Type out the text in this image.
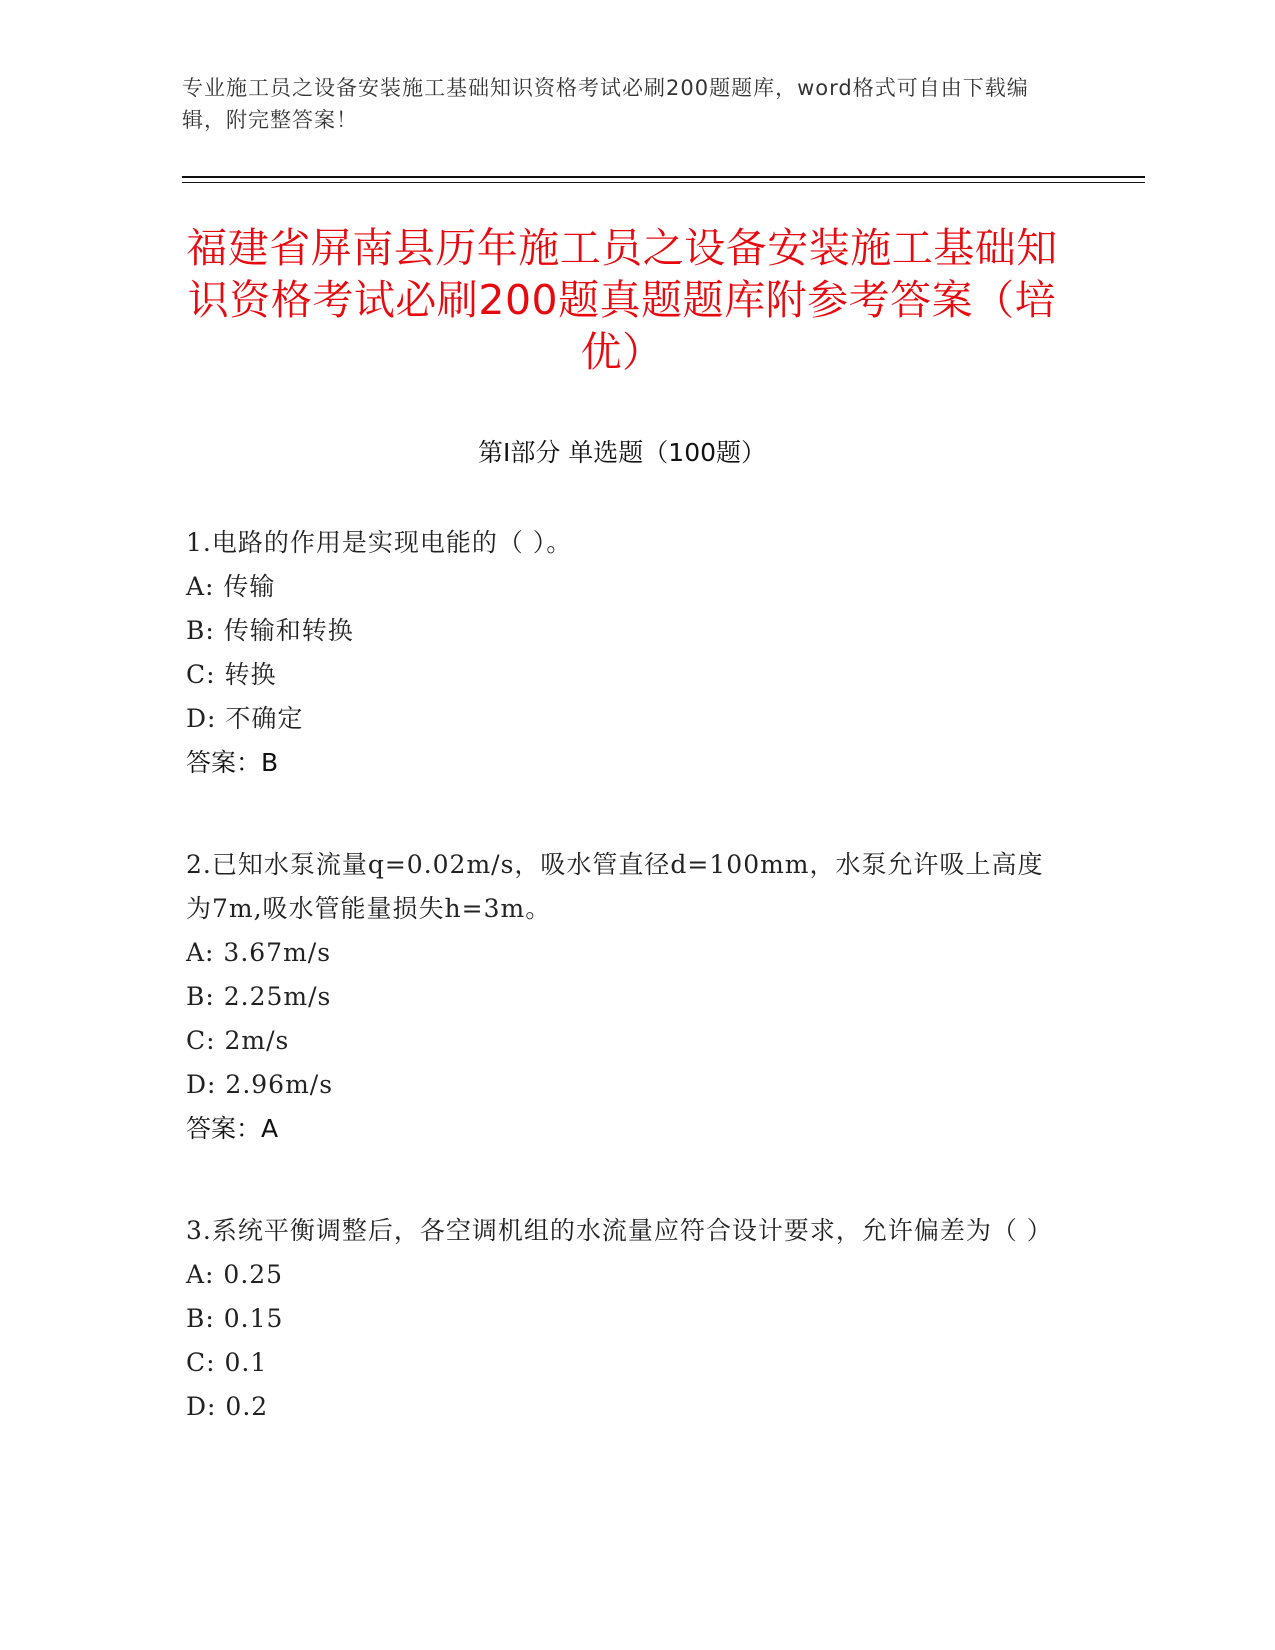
专业施工员之设备安装施工基础知识资格考试必刷200题题库，word格式可自由下载编辑，附完整答案！
福建省屏南县历年施工员之设备安装施工基础知识资格考试必刷200题真题题库附参考答案（培优）
第I部分 单选题（100题）

1.电路的作用是实现电能的（ ）。

A: 传输

B: 传输和转换

C: 转换

D: 不确定

答案：B

2.已知水泵流量q=0.02m/s，吸水管直径d=100mm，水泵允许吸上高度为7m,吸水管能量损失h=3m。

A: 3.67m/s

B: 2.25m/s

C: 2m/s

D: 2.96m/s

答案：A

3.系统平衡调整后，各空调机组的水流量应符合设计要求，允许偏差为（ ）

A: 0.25

B: 0.15

C: 0.1

D: 0.2
